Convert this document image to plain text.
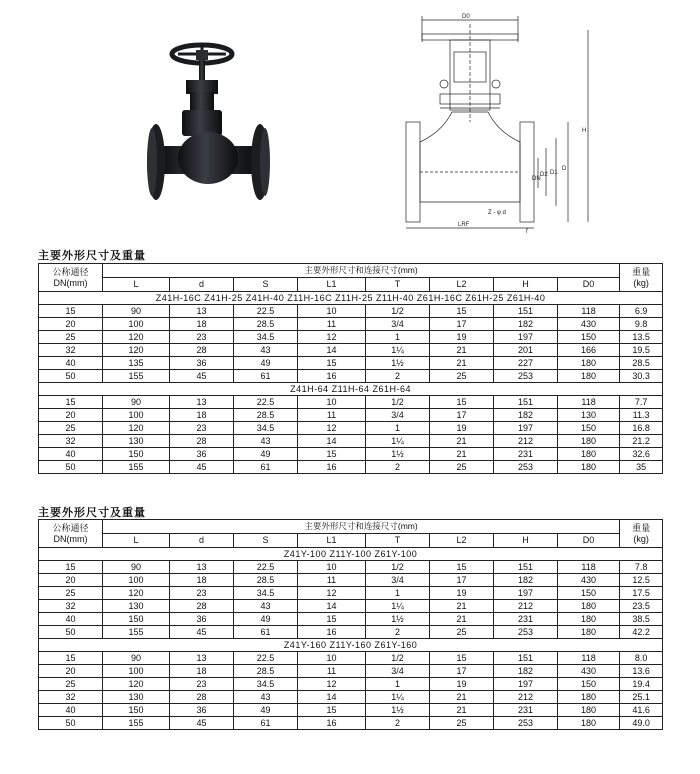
D0
H
D
D1
D2
DN
Z - φ d
LRF
f
主要外形尺寸及重量
公称通径
DN(mm)	主要外形尺寸和连接尺寸(mm)								重量
(kg)
	L	d	S	L1	T	L2	H	D0	
Z41H-16C Z41H-25 Z41H-40 Z11H-16C Z11H-25 Z11H-40 Z61H-16C Z61H-25 Z61H-40									
15	90	13	22.5	10	1/2	15	151	118	6.9
20	100	18	28.5	11	3/4	17	182	430	9.8
25	120	23	34.5	12	1	19	197	150	13.5
32	120	28	43	14	1¼	21	201	166	19.5
40	135	36	49	15	1½	21	227	180	28.5
50	155	45	61	16	2	25	253	180	30.3
Z41H-64 Z11H-64 Z61H-64									
15	90	13	22.5	10	1/2	15	151	118	7.7
20	100	18	28.5	11	3/4	17	182	130	11.3
25	120	23	34.5	12	1	19	197	150	16.8
32	130	28	43	14	1¼	21	212	180	21.2
40	150	36	49	15	1½	21	231	180	32.6
50	155	45	61	16	2	25	253	180	35
主要外形尺寸及重量
公称通径
DN(mm)	主要外形尺寸和连接尺寸(mm)								重量
(kg)
	L	d	S	L1	T	L2	H	D0	
Z41Y-100 Z11Y-100 Z61Y-100									
15	90	13	22.5	10	1/2	15	151	118	7.8
20	100	18	28.5	11	3/4	17	182	430	12.5
25	120	23	34.5	12	1	19	197	150	17.5
32	130	28	43	14	1¼	21	212	180	23.5
40	150	36	49	15	1½	21	231	180	38.5
50	155	45	61	16	2	25	253	180	42.2
Z41Y-160 Z11Y-160 Z61Y-160									
15	90	13	22.5	10	1/2	15	151	118	8.0
20	100	18	28.5	11	3/4	17	182	430	13.6
25	120	23	34.5	12	1	19	197	150	19.4
32	130	28	43	14	1¼	21	212	180	25.1
40	150	36	49	15	1½	21	231	180	41.6
50	155	45	61	16	2	25	253	180	49.0
